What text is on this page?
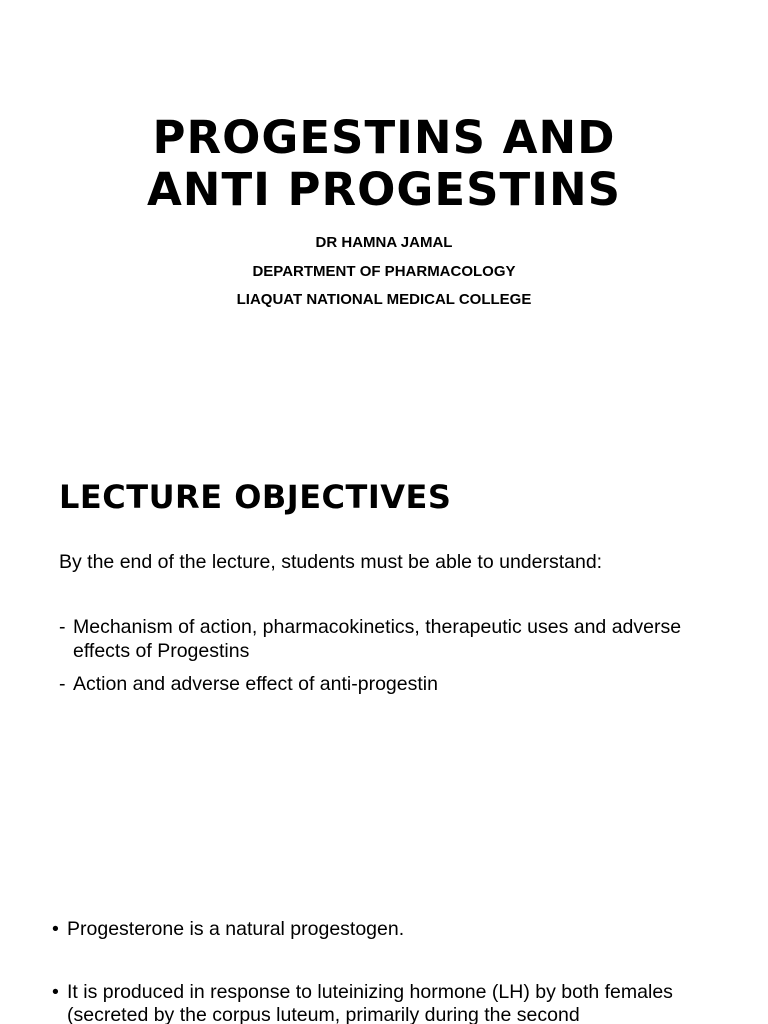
PROGESTINS AND
ANTI PROGESTINS
DR HAMNA JAMAL
DEPARTMENT OF PHARMACOLOGY
LIAQUAT NATIONAL MEDICAL COLLEGE
LECTURE OBJECTIVES
By the end of the lecture, students must be able to understand:
- Mechanism of action, pharmacokinetics, therapeutic uses and adverse effects of Progestins
- Action and adverse effect of anti-progestin
• Progesterone is a natural progestogen.
• It is produced in response to luteinizing hormone (LH) by both females (secreted by the corpus luteum, primarily during the second
